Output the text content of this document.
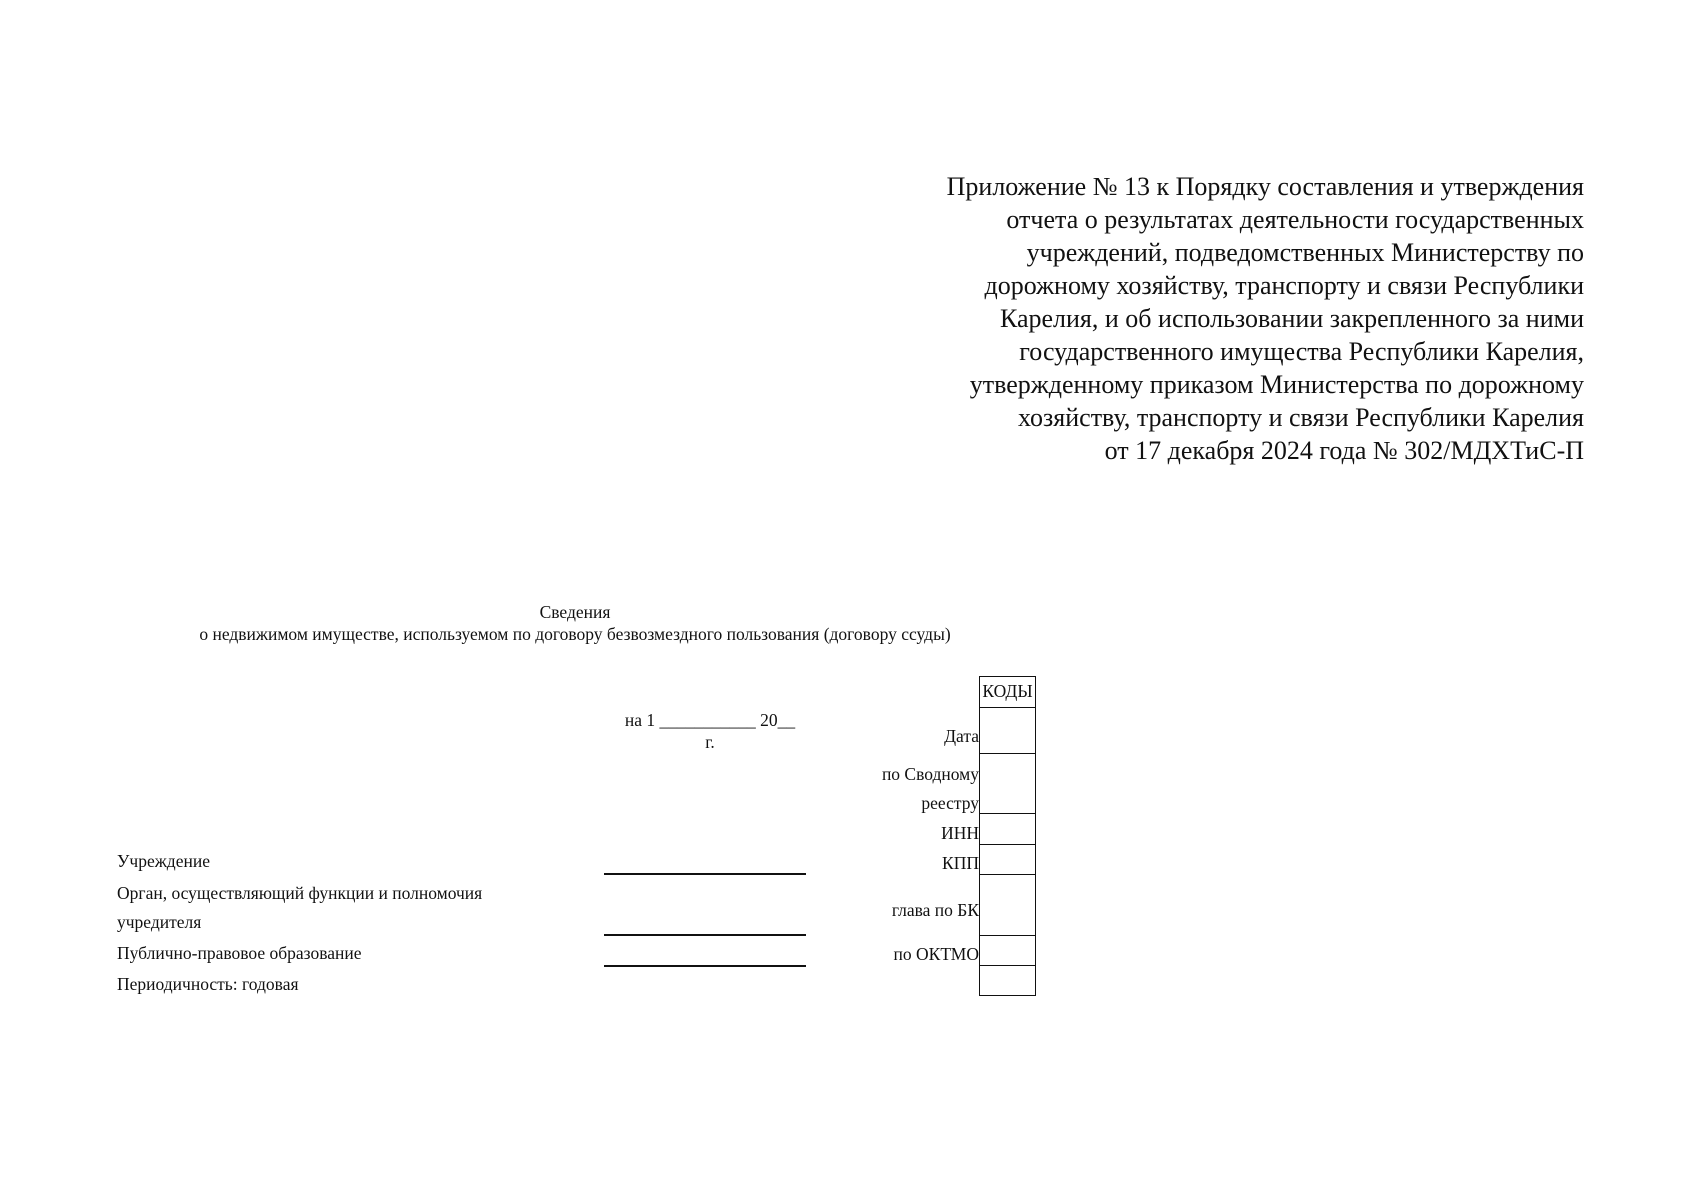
Приложение № 13 к Порядку составления и утверждения
отчета о результатах деятельности государственных
учреждений, подведомственных Министерству по
дорожному хозяйству, транспорту и связи Республики
Карелия, и об использовании закрепленного за ними
государственного имущества Республики Карелия,
утвержденному приказом Министерства по дорожному
хозяйству, транспорту и связи Республики Карелия
от 17 декабря 2024 года № 302/МДХТиС-П
Сведения
о недвижимом имуществе, используемом по договору безвозмездного пользования (договору ссуды)
на 1 ___________ 20__
г.
Учреждение
Орган, осуществляющий функции и полномочия
учредителя
Публично-правовое образование
Периодичность: годовая
Дата
по Сводному
реестру
ИНН
КПП
глава по БК
по ОКТМО
КОДЫ
